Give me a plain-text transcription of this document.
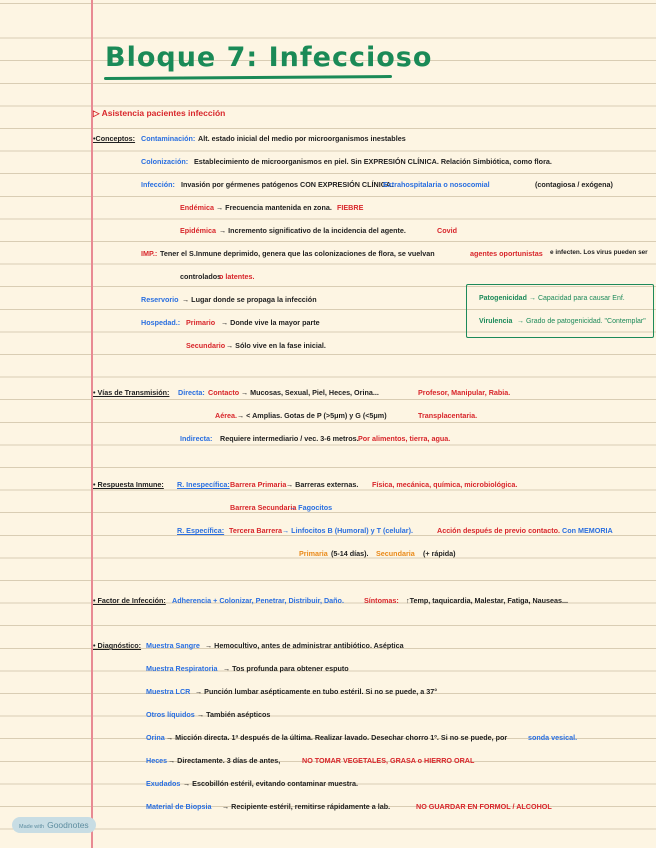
Bloque 7: Infeccioso
▷ Asistencia pacientes infección
•Conceptos: Contaminación: Alt. estado inicial del medio por microorganismos inestables
Colonización: Establecimiento de microorganismos en piel. Sin EXPRESIÓN CLÍNICA. Relación Simbiótica, como flora.
Infección: Invasión por gérmenes patógenos CON EXPRESIÓN CLÍNICA.
Extrahospitalaria o nosocomial	(contagiosa / exógena)
Endémica → Frecuencia mantenida en zona. FIEBRE
Epidémica → Incremento significativo de la incidencia del agente.	Covid
IMP.: Tener el S.Inmune deprimido, genera que las colonizaciones de flora, se vuelvan	agentes oportunistas e infecten. Los virus pueden ser
controlados
o latentes.
Reservorio → Lugar donde se propaga la infección
Hospedad.: Primario → Donde vive la mayor parte
Secundario → Sólo vive en la fase inicial.
Patogenicidad → Capacidad para causar Enf.
Virulencia → Grado de patogenicidad. "Contemplar"
• Vías de Transmisión: Directa: Contacto → Mucosas, Sexual, Piel, Heces, Orina...	Profesor, Manipular, Rabia.
Aérea. → < Amplias. Gotas de P (>5μm) y G (<5μm)	Transplacentaria.
Indirecta: Requiere intermediario / vec. 3-6 metros. Por alimentos, tierra, agua.
• Respuesta Inmune: R. Inespecífica: Barrera Primaria → Barreras externas. Física, mecánica, química, microbiológica.
Barrera Secundaria
→ Fagocitos
R. Específica: Tercera Barrera → Linfocitos B (Humoral) y T (celular).	Acción después de previo contacto. Con MEMORIA
Primaria (5-14 días). Secundaria (+ rápida)
• Factor de Infección: Adherencia + Colonizar, Penetrar, Distribuir, Daño.	Síntomas: ↑Temp, taquicardia, Malestar, Fatiga, Nauseas...
• Diagnóstico: Muestra Sangre → Hemocultivo, antes de administrar antibiótico. Aséptica
Muestra Respiratoria → Tos profunda para obtener esputo
Muestra LCR → Punción lumbar asépticamente en tubo estéril. Si no se puede, a 37°
Otros líquidos → También asépticos
Orina → Micción directa. 1ª después de la última. Realizar lavado. Desechar chorro 1º. Si no se puede, por	sonda vesical.
Heces → Directamente. 3 días de antes,	NO TOMAR VEGETALES, GRASA o HIERRO ORAL
Exudados → Escobillón estéril, evitando contaminar muestra.
Material de Biopsia → Recipiente estéril, remitirse rápidamente a lab.	NO GUARDAR EN FORMOL / ALCOHOL
Made with Goodnotes
